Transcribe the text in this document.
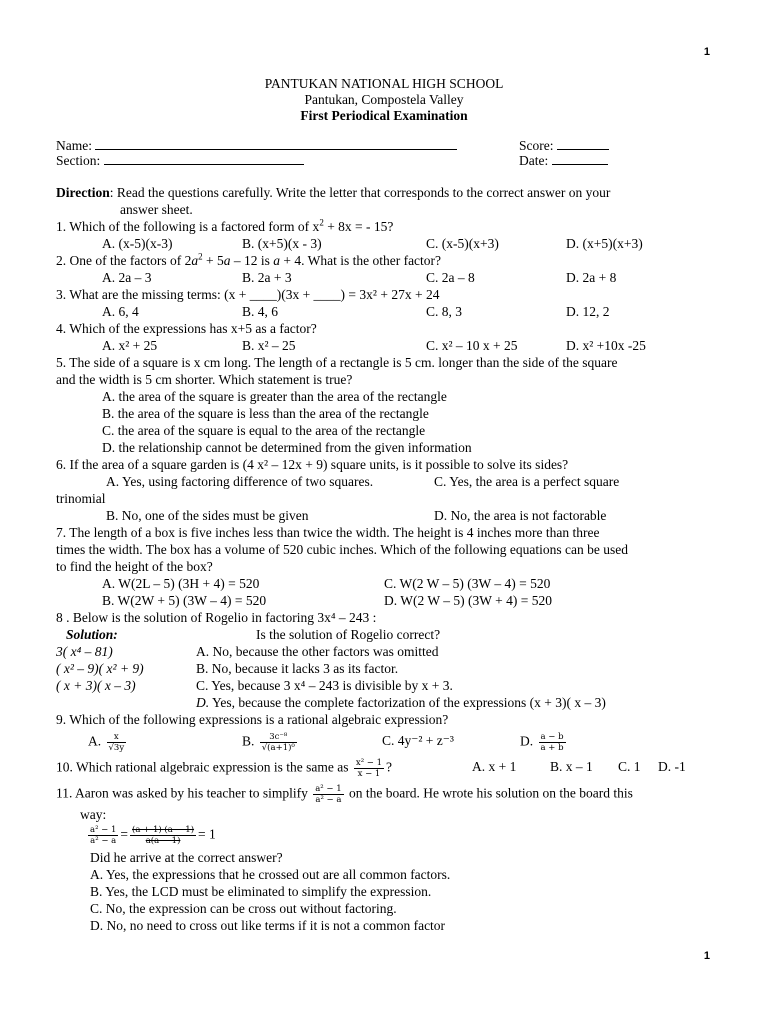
1
PANTUKAN NATIONAL HIGH SCHOOL
Pantukan, Compostela Valley
First Periodical Examination
Name:	Score:
Section:	Date:
Direction: Read the questions carefully. Write the letter that corresponds to the correct answer on your
answer sheet.
1. Which of the following is a factored form of $x^2 + 8x$ = - 15?
A. (x-5)(x-3)	B. (x+5)(x - 3)	C. (x-5)(x+3)	D. (x+5)(x+3)
2. One of the factors of $2a^2 + 5a - 12$ is a + 4. What is the other factor?
A. 2a – 3	B. 2a + 3	C. 2a – 8	D. 2a + 8
3. What are the missing terms: (x + ____)(3x + ____) = 3x² + 27x + 24
A. 6, 4	B. 4, 6	C. 8, 3	D. 12, 2
4. Which of the expressions has x+5 as a factor?
A. x² + 25	B. x² – 25	C. x² – 10 x + 25	D. x² +10x -25
5. The side of a square is x cm long. The length of a rectangle is 5 cm. longer than the side of the square
and the width is 5 cm shorter. Which statement is true?
A. the area of the square is greater than the area of the rectangle
B. the area of the square is less than the area of the rectangle
C. the area of the square is equal to the area of the rectangle
D. the relationship cannot be determined from the given information
6. If the area of a square garden is (4 x² – 12x + 9) square units, is it possible to solve its sides?
A. Yes, using factoring difference of two squares.	C. Yes, the area is a perfect square
trinomial
B. No, one of the sides must be given	D. No, the area is not factorable
7. The length of a box is five inches less than twice the width. The height is 4 inches more than three
times the width. The box has a volume of 520 cubic inches. Which of the following equations can be used
to find the height of the box?
A. W(2L – 5) (3H + 4) = 520	C. W(2 W – 5) (3W – 4) = 520
B. W(2W + 5) (3W – 4) = 520	D. W(2 W – 5) (3W + 4) = 520
8 . Below is the solution of Rogelio in factoring 3x⁴ – 243 :
Solution:	Is the solution of Rogelio correct?
3( x⁴ – 81)	A. No, because the other factors was omitted
( x² – 9)( x² + 9)	B. No, because it lacks 3 as its factor.
( x + 3)( x – 3)	C. Yes, because 3 x⁴ – 243 is divisible by x + 3.
D. Yes, because the complete factorization of the expressions (x + 3)( x – 3)
9. Which of the following expressions is a rational algebraic expression?
A. $\frac{x}{√3y}$	B. $\frac{\text{3c⁻⁸}}{\text{√(a+1)⁰}}$	C. 4y⁻² + z⁻³	D. $\frac{a - b}{a + b}$
10. Which rational algebraic expression is the same as $\frac{\text{x² − 1}}{x - 1}$ ?	A. x + 1 B. x – 1 C. 1 D. -1
11. Aaron was asked by his teacher to simplify $\frac{\text{a² − 1}}{\text{a² − a}}$ on the board. He wrote his solution on the board this
way:
$\frac{\text{a² − 1}}{\text{a² − a}} = \frac{(a + 1) (a - 1)}{a(a - 1)} = 1$
Did he arrive at the correct answer?
A. Yes, the expressions that he crossed out are all common factors.
B. Yes, the LCD must be eliminated to simplify the expression.
C. No, the expression can be cross out without factoring.
D. No, no need to cross out like terms if it is not a common factor
1
